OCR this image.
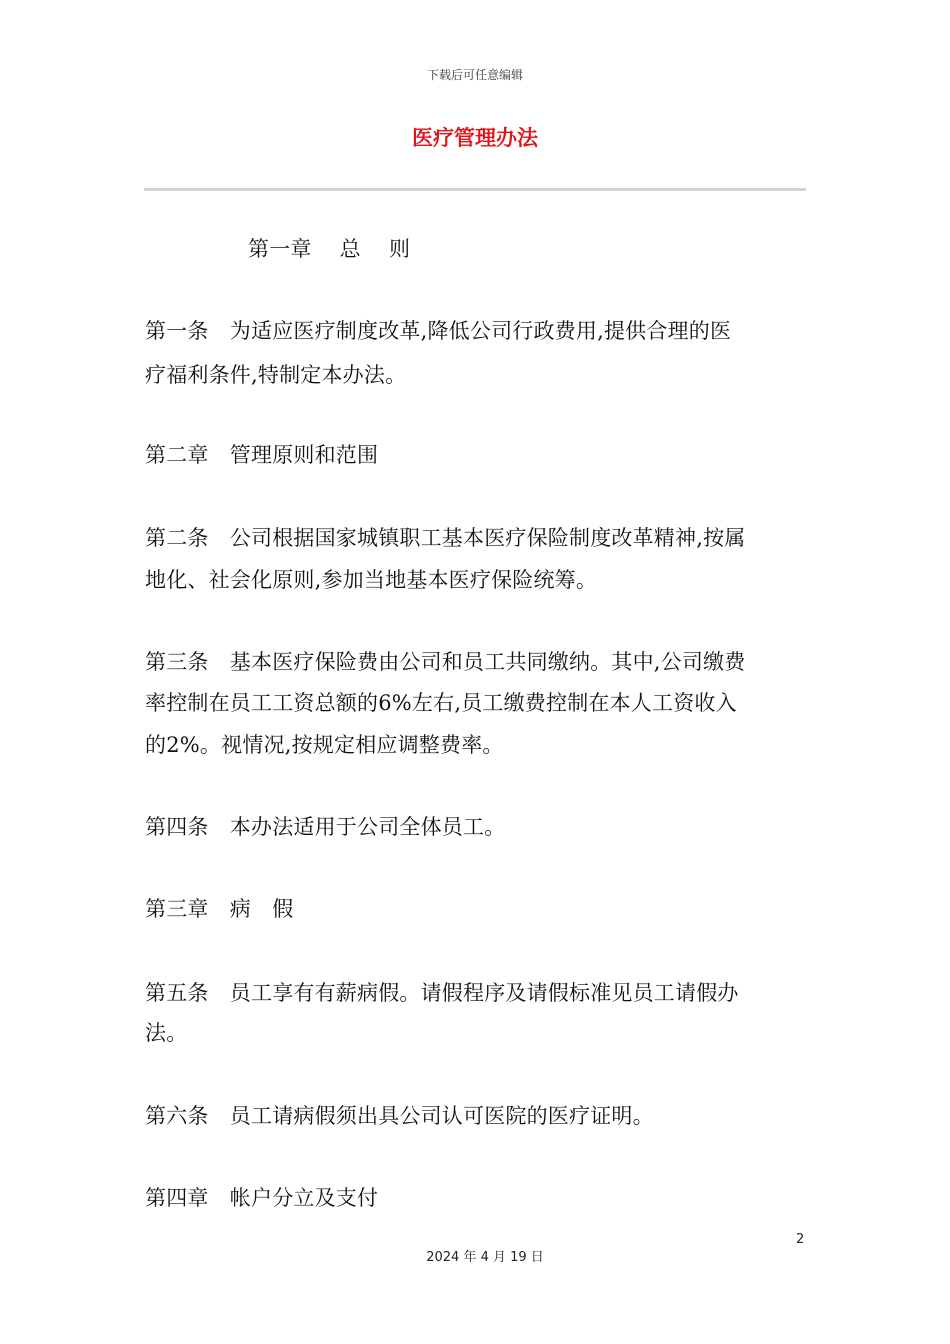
下载后可任意编辑
医疗管理办法
第一章　 总　 则
第一条　为适应医疗制度改革,降低公司行政费用,提供合理的医
疗福利条件,特制定本办法。
第二章　管理原则和范围
第二条　公司根据国家城镇职工基本医疗保险制度改革精神,按属
地化、社会化原则,参加当地基本医疗保险统筹。
第三条　基本医疗保险费由公司和员工共同缴纳。其中,公司缴费
率控制在员工工资总额的6%左右,员工缴费控制在本人工资收入
的2%。视情况,按规定相应调整费率。
第四条　本办法适用于公司全体员工。
第三章　病　假
第五条　员工享有有薪病假。请假程序及请假标准见员工请假办
法。
第六条　员工请病假须出具公司认可医院的医疗证明。
第四章　帐户分立及支付
2
2024 年 4 月 19 日
